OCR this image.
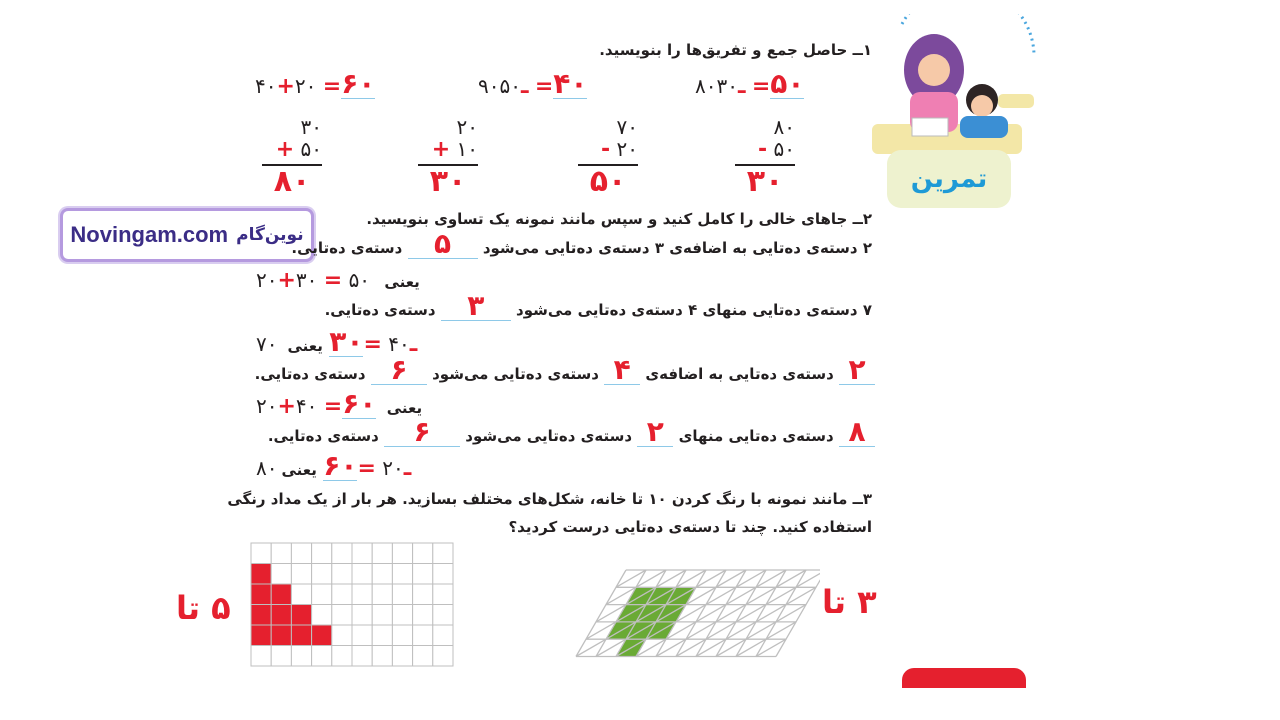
۱ــ حاصل جمع و تفریق‌ها را بنویسید.
۴۰+۲۰ =۶۰	۹۰ ـ۵۰ =۴۰	۸۰ ـ۳۰ =۵۰
۳۰
+ ۵۰
۸۰
۲۰
+ ۱۰
۳۰
۷۰
- ۲۰
۵۰
۸۰
- ۵۰
۳۰
Novingam.com نوین‌گام
تمرین
۲ــ جاهای خالی را کامل کنید و سپس مانند نمونه یک تساوی بنویسید.
۲ دسته‌ی ده‌تایی به اضافه‌ی ۳ دسته‌ی ده‌تایی می‌شود ۵ دسته‌ی ده‌تایی.
۲۰+۳۰ = ۵۰ یعنی
۷ دسته‌ی ده‌تایی منهای ۴ دسته‌ی ده‌تایی می‌شود ۳ دسته‌ی ده‌تایی.
۷۰	ـ۴۰ =۳۰ یعنی
۲ دسته‌ی ده‌تایی به اضافه‌ی ۴ دسته‌ی ده‌تایی می‌شود ۶ دسته‌ی ده‌تایی.
۲۰+۴۰ =۶۰ یعنی
۸ دسته‌ی ده‌تایی منهای ۲ دسته‌ی ده‌تایی می‌شود ۶ دسته‌ی ده‌تایی.
۸۰	ـ۲۰ =۶۰ یعنی
۳ــ مانند نمونه با رنگ کردن ۱۰ تا خانه، شکل‌های مختلف بسازید. هر بار از یک مداد رنگی
استفاده کنید. چند تا دسته‌ی ده‌تایی درست کردید؟
۵ تا	۳ تا
